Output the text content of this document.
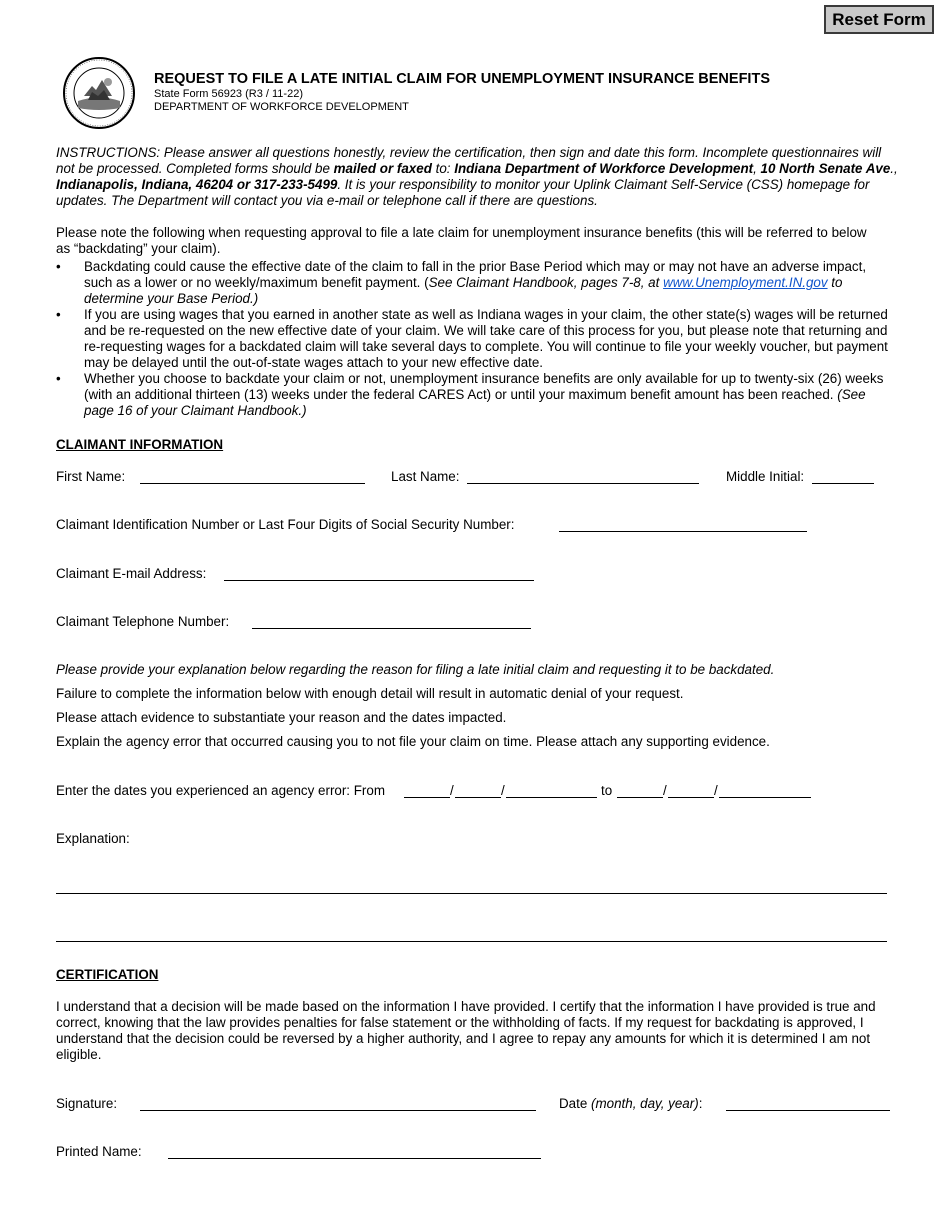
Reset Form
REQUEST TO FILE A LATE INITIAL CLAIM FOR UNEMPLOYMENT INSURANCE BENEFITS
State Form 56923 (R3 / 11-22)
DEPARTMENT OF WORKFORCE DEVELOPMENT
INSTRUCTIONS: Please answer all questions honestly, review the certification, then sign and date this form. Incomplete questionnaires will not be processed. Completed forms should be mailed or faxed to: Indiana Department of Workforce Development, 10 North Senate Ave., Indianapolis, Indiana, 46204 or 317-233-5499. It is your responsibility to monitor your Uplink Claimant Self-Service (CSS) homepage for updates. The Department will contact you via e-mail or telephone call if there are questions.
Please note the following when requesting approval to file a late claim for unemployment insurance benefits (this will be referred to below as “backdating” your claim).
• Backdating could cause the effective date of the claim to fall in the prior Base Period which may or may not have an adverse impact, such as a lower or no weekly/maximum benefit payment. (See Claimant Handbook, pages 7-8, at www.Unemployment.IN.gov to determine your Base Period.)
• If you are using wages that you earned in another state as well as Indiana wages in your claim, the other state(s) wages will be returned and be re-requested on the new effective date of your claim. We will take care of this process for you, but please note that returning and re-requesting wages for a backdated claim will take several days to complete. You will continue to file your weekly voucher, but payment may be delayed until the out-of-state wages attach to your new effective date.
• Whether you choose to backdate your claim or not, unemployment insurance benefits are only available for up to twenty-six (26) weeks (with an additional thirteen (13) weeks under the federal CARES Act) or until your maximum benefit amount has been reached. (See page 16 of your Claimant Handbook.)
CLAIMANT INFORMATION
First Name:	Last Name:	Middle Initial:
Claimant Identification Number or Last Four Digits of Social Security Number:
Claimant E-mail Address:
Claimant Telephone Number:
Please provide your explanation below regarding the reason for filing a late initial claim and requesting it to be backdated.
Failure to complete the information below with enough detail will result in automatic denial of your request.
Please attach evidence to substantiate your reason and the dates impacted.
Explain the agency error that occurred causing you to not file your claim on time. Please attach any supporting evidence.
Enter the dates you experienced an agency error: From	/	/	to	/	/
Explanation:
CERTIFICATION
I understand that a decision will be made based on the information I have provided. I certify that the information I have provided is true and correct, knowing that the law provides penalties for false statement or the withholding of facts. If my request for backdating is approved, I understand that the decision could be reversed by a higher authority, and I agree to repay any amounts for which it is determined I am not eligible.
Signature:	Date (month, day, year):
Printed Name:
